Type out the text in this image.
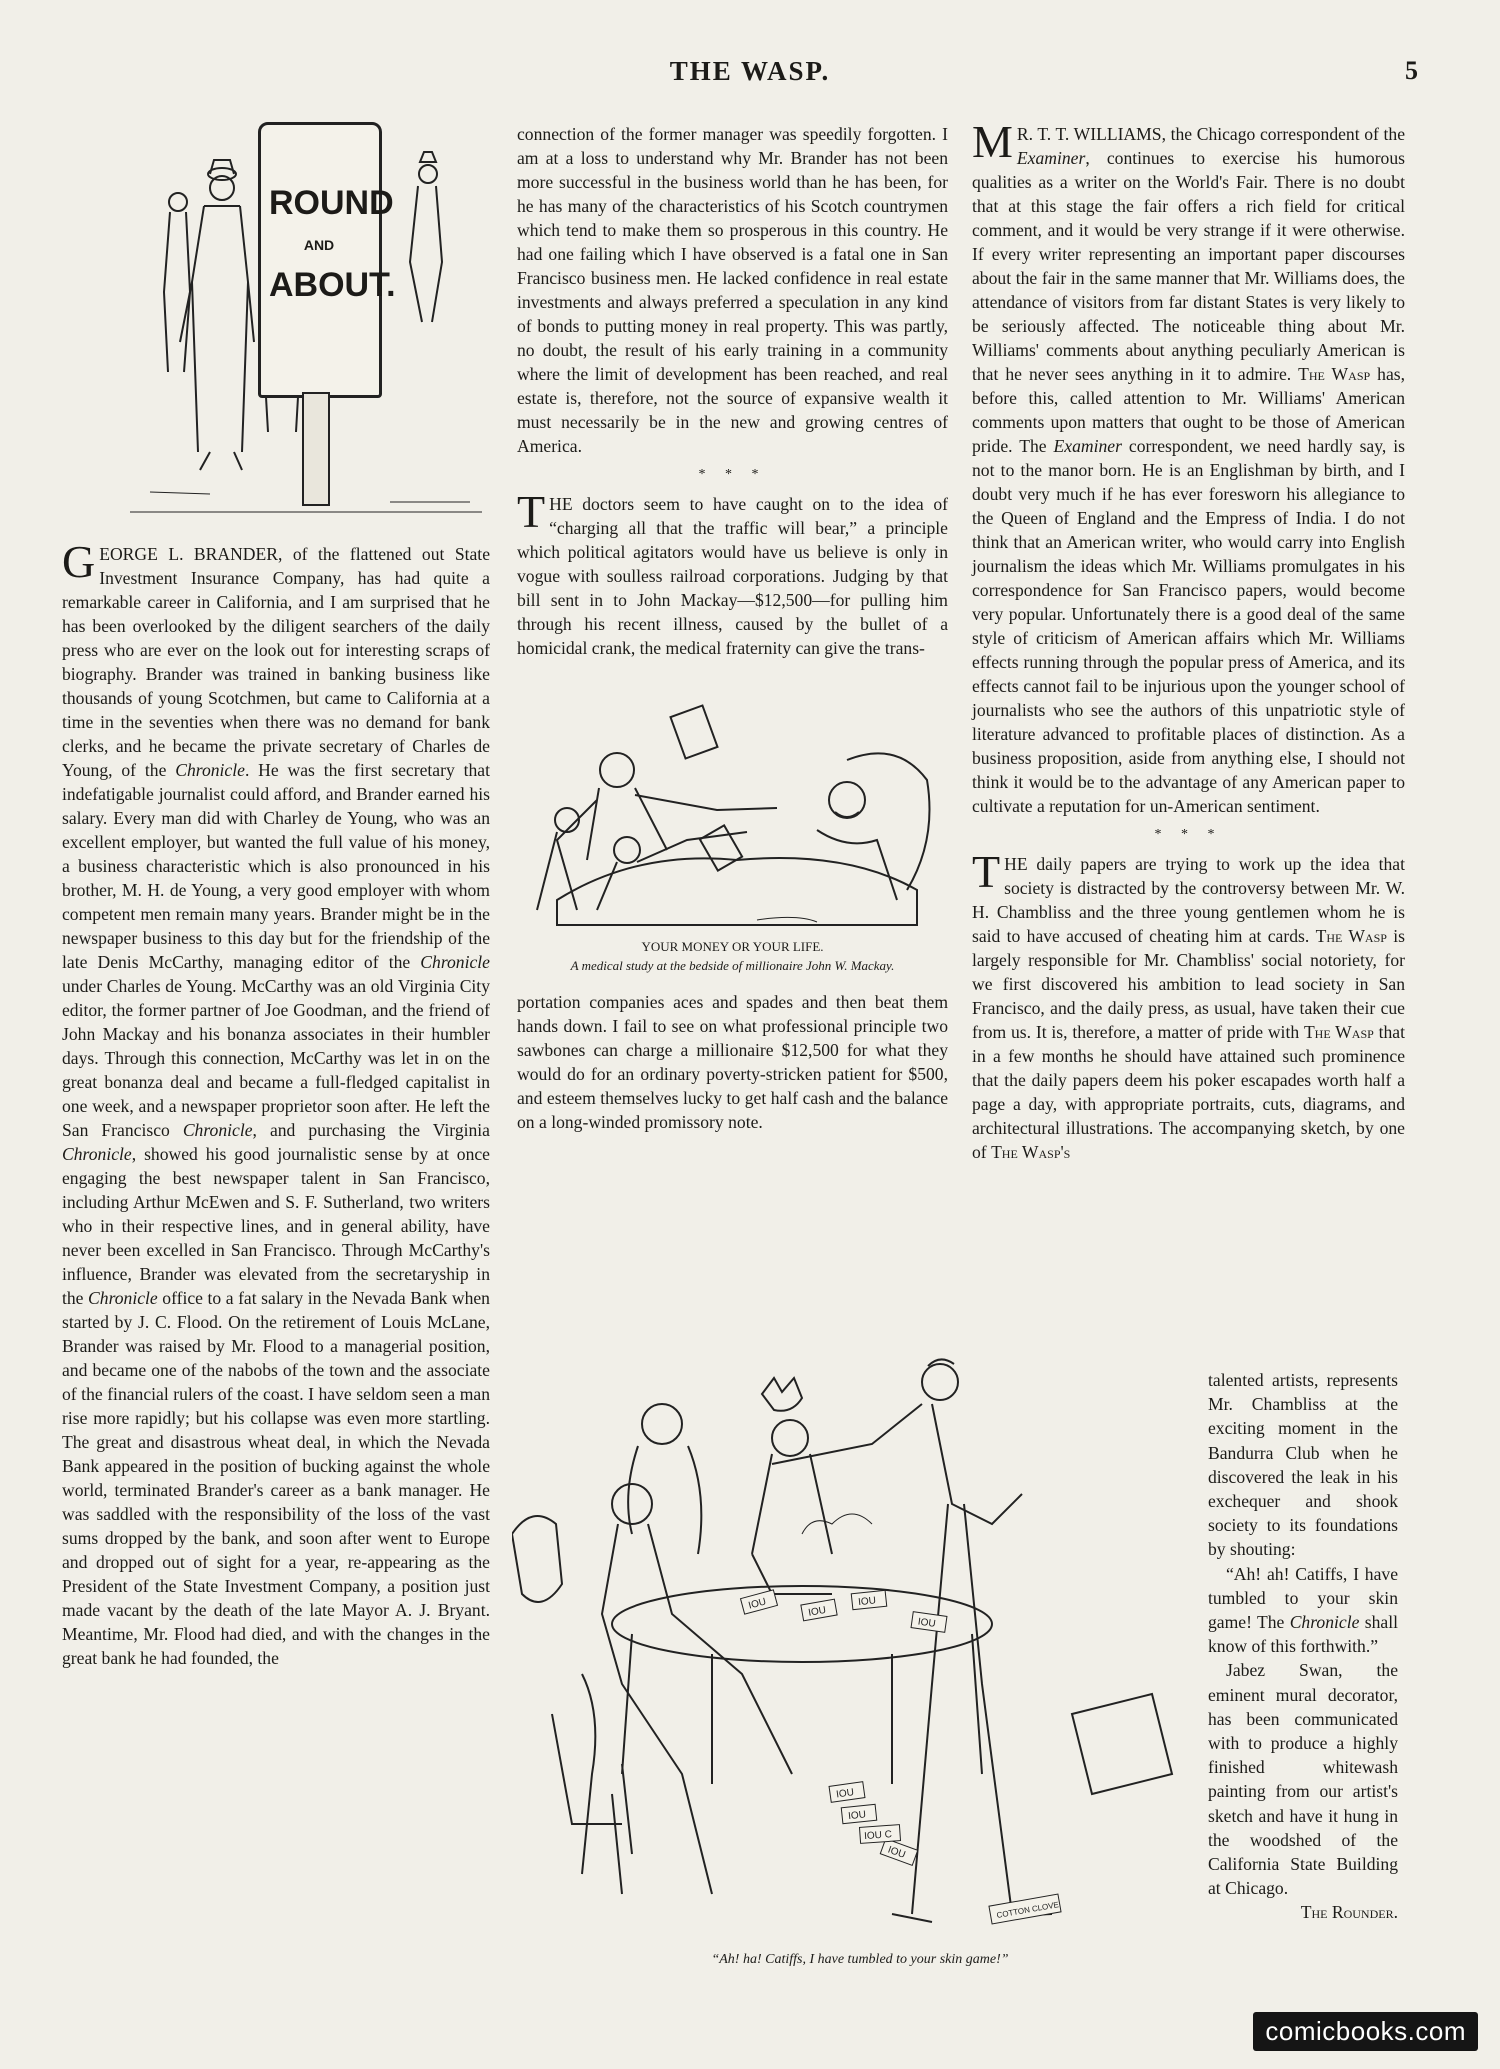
THE WASP.	5
ROUND
AND
ABOUT.

GEORGE L. BRANDER, of the flattened out State Investment Insurance Company, has had quite a remarkable career in California, and I am surprised that he has been overlooked by the diligent searchers of the daily press who are ever on the look out for interesting scraps of biography. Brander was trained in banking business like thousands of young Scotchmen, but came to California at a time in the seventies when there was no demand for bank clerks, and he became the private secretary of Charles de Young, of the Chronicle. He was the first secretary that indefatigable journalist could afford, and Brander earned his salary. Every man did with Charley de Young, who was an excellent employer, but wanted the full value of his money, a business characteristic which is also pronounced in his brother, M. H. de Young, a very good employer with whom competent men remain many years. Brander might be in the newspaper business to this day but for the friendship of the late Denis McCarthy, managing editor of the Chronicle under Charles de Young. McCarthy was an old Virginia City editor, the former partner of Joe Goodman, and the friend of John Mackay and his bonanza associates in their humbler days. Through this connection, McCarthy was let in on the great bonanza deal and became a full-fledged capitalist in one week, and a newspaper proprietor soon after. He left the San Francisco Chronicle, and purchasing the Virginia Chronicle, showed his good journalistic sense by at once engaging the best newspaper talent in San Francisco, including Arthur McEwen and S. F. Sutherland, two writers who in their respective lines, and in general ability, have never been excelled in San Francisco. Through McCarthy's influence, Brander was elevated from the secretaryship in the Chronicle office to a fat salary in the Nevada Bank when started by J. C. Flood. On the retirement of Louis McLane, Brander was raised by Mr. Flood to a managerial position, and became one of the nabobs of the town and the associate of the financial rulers of the coast. I have seldom seen a man rise more rapidly; but his collapse was even more startling. The great and disastrous wheat deal, in which the Nevada Bank appeared in the position of bucking against the whole world, terminated Brander's career as a bank manager. He was saddled with the responsibility of the loss of the vast sums dropped by the bank, and soon after went to Europe and dropped out of sight for a year, re-appearing as the President of the State Investment Company, a position just made vacant by the death of the late Mayor A. J. Bryant. Meantime, Mr. Flood had died, and with the changes in the great bank he had founded, the

connection of the former manager was speedily forgotten. I am at a loss to understand why Mr. Brander has not been more successful in the business world than he has been, for he has many of the characteristics of his Scotch countrymen which tend to make them so prosperous in this country. He had one failing which I have observed is a fatal one in San Francisco business men. He lacked confidence in real estate investments and always preferred a speculation in any kind of bonds to putting money in real property. This was partly, no doubt, the result of his early training in a community where the limit of development has been reached, and real estate is, therefore, not the source of expansive wealth it must necessarily be in the new and growing centres of America.

* * *

THE doctors seem to have caught on to the idea of “charging all that the traffic will bear,” a principle which political agitators would have us believe is only in vogue with soulless railroad corporations. Judging by that bill sent in to John Mackay—$12,500—for pulling him through his recent illness, caused by the bullet of a homicidal crank, the medical fraternity can give the trans-

YOUR MONEY OR YOUR LIFE.
A medical study at the bedside of millionaire John W. Mackay.

portation companies aces and spades and then beat them hands down. I fail to see on what professional principle two sawbones can charge a millionaire $12,500 for what they would do for an ordinary poverty-stricken patient for $500, and esteem themselves lucky to get half cash and the balance on a long-winded promissory note.

M R. T. T. WILLIAMS, the Chicago correspondent of the Examiner, continues to exercise his humorous qualities as a writer on the World's Fair. There is no doubt that at this stage the fair offers a rich field for critical comment, and it would be very strange if it were otherwise. If every writer representing an important paper discourses about the fair in the same manner that Mr. Williams does, the attendance of visitors from far distant States is very likely to be seriously affected. The noticeable thing about Mr. Williams' comments about anything peculiarly American is that he never sees anything in it to admire. The Wasp has, before this, called attention to Mr. Williams' American comments upon matters that ought to be those of American pride. The Examiner correspondent, we need hardly say, is not to the manor born. He is an Englishman by birth, and I doubt very much if he has ever foresworn his allegiance to the Queen of England and the Empress of India. I do not think that an American writer, who would carry into English journalism the ideas which Mr. Williams promulgates in his correspondence for San Francisco papers, would become very popular. Unfortunately there is a good deal of the same style of criticism of American affairs which Mr. Williams effects running through the popular press of America, and its effects cannot fail to be injurious upon the younger school of journalists who see the authors of this unpatriotic style of literature advanced to profitable places of distinction. As a business proposition, aside from anything else, I should not think it would be to the advantage of any American paper to cultivate a reputation for un-American sentiment.

* * *

THE daily papers are trying to work up the idea that society is distracted by the controversy between Mr. W. H. Chambliss and the three young gentlemen whom he is said to have accused of cheating him at cards. The Wasp is largely responsible for Mr. Chambliss' social notoriety, for we first discovered his ambition to lead society in San Francisco, and the daily press, as usual, have taken their cue from us. It is, therefore, a matter of pride with The Wasp that in a few months he should have attained such prominence that the daily papers deem his poker escapades worth half a page a day, with appropriate portraits, cuts, diagrams, and architectural illustrations. The accompanying sketch, by one of The Wasp's

talented artists, represents Mr. Chambliss at the exciting moment in the Bandurra Club when he discovered the leak in his exchequer and shook society to its foundations by shouting:

“Ah! ah! Catiffs, I have tumbled to your skin game! The Chronicle shall know of this forthwith.”

Jabez Swan, the eminent mural decorator, has been communicated with to produce a highly finished whitewash painting from our artist's sketch and have it hung in the woodshed of the California State Building at Chicago.

The Rounder.

IOU
IOU
IOU
IOU
IOU
IOU
IOU
IOU C
COTTON CLOVE
“Ah! ha! Catiffs, I have tumbled to your skin game!”
comicbooks.com
